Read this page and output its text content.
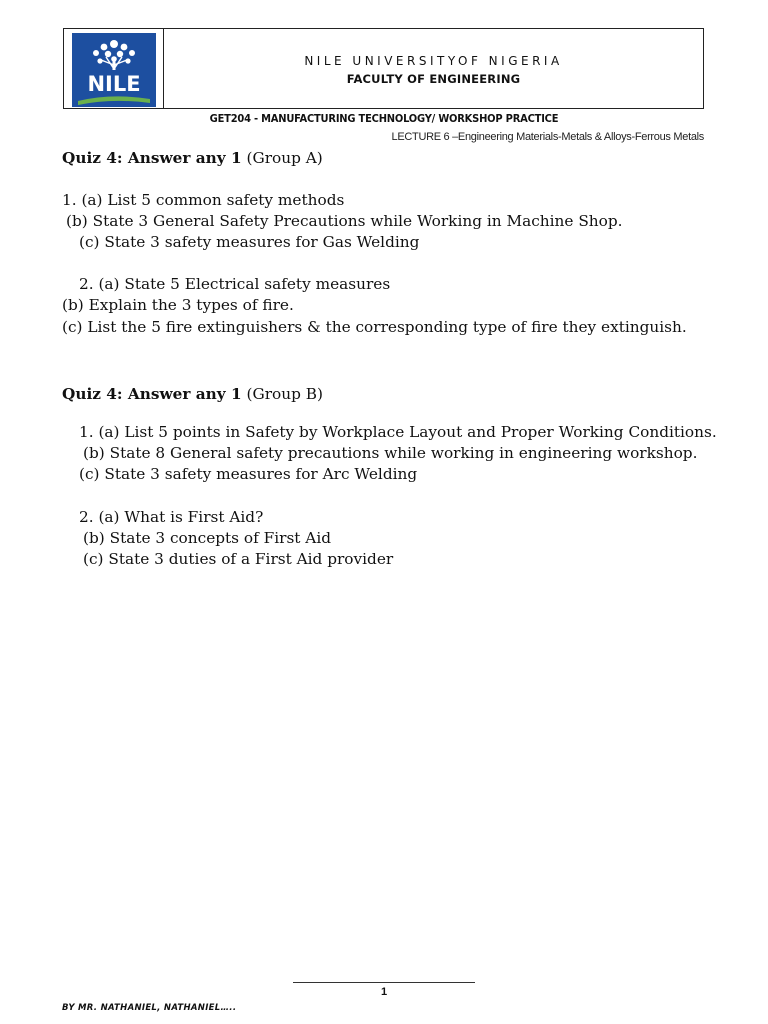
NILE
NILE UNIVERSITYOF NIGERIA
FACULTY OF ENGINEERING
GET204 - MANUFACTURING TECHNOLOGY/ WORKSHOP PRACTICE
LECTURE 6 –Engineering Materials-Metals & Alloys-Ferrous Metals
Quiz 4: Answer any 1 (Group A)
1. (a) List 5 common safety methods
(b) State 3 General Safety Precautions while Working in Machine Shop.
(c) State 3 safety measures for Gas Welding
2. (a) State 5 Electrical safety measures
(b) Explain the 3 types of fire.
(c) List the 5 fire extinguishers & the corresponding type of fire they extinguish.
Quiz 4: Answer any 1 (Group B)
1. (a) List 5 points in Safety by Workplace Layout and Proper Working Conditions.
(b) State 8 General safety precautions while working in engineering workshop.
(c) State 3 safety measures for Arc Welding
2. (a) What is First Aid?
(b) State 3 concepts of First Aid
(c) State 3 duties of a First Aid provider
1
BY MR. NATHANIEL, NATHANIEL…..
